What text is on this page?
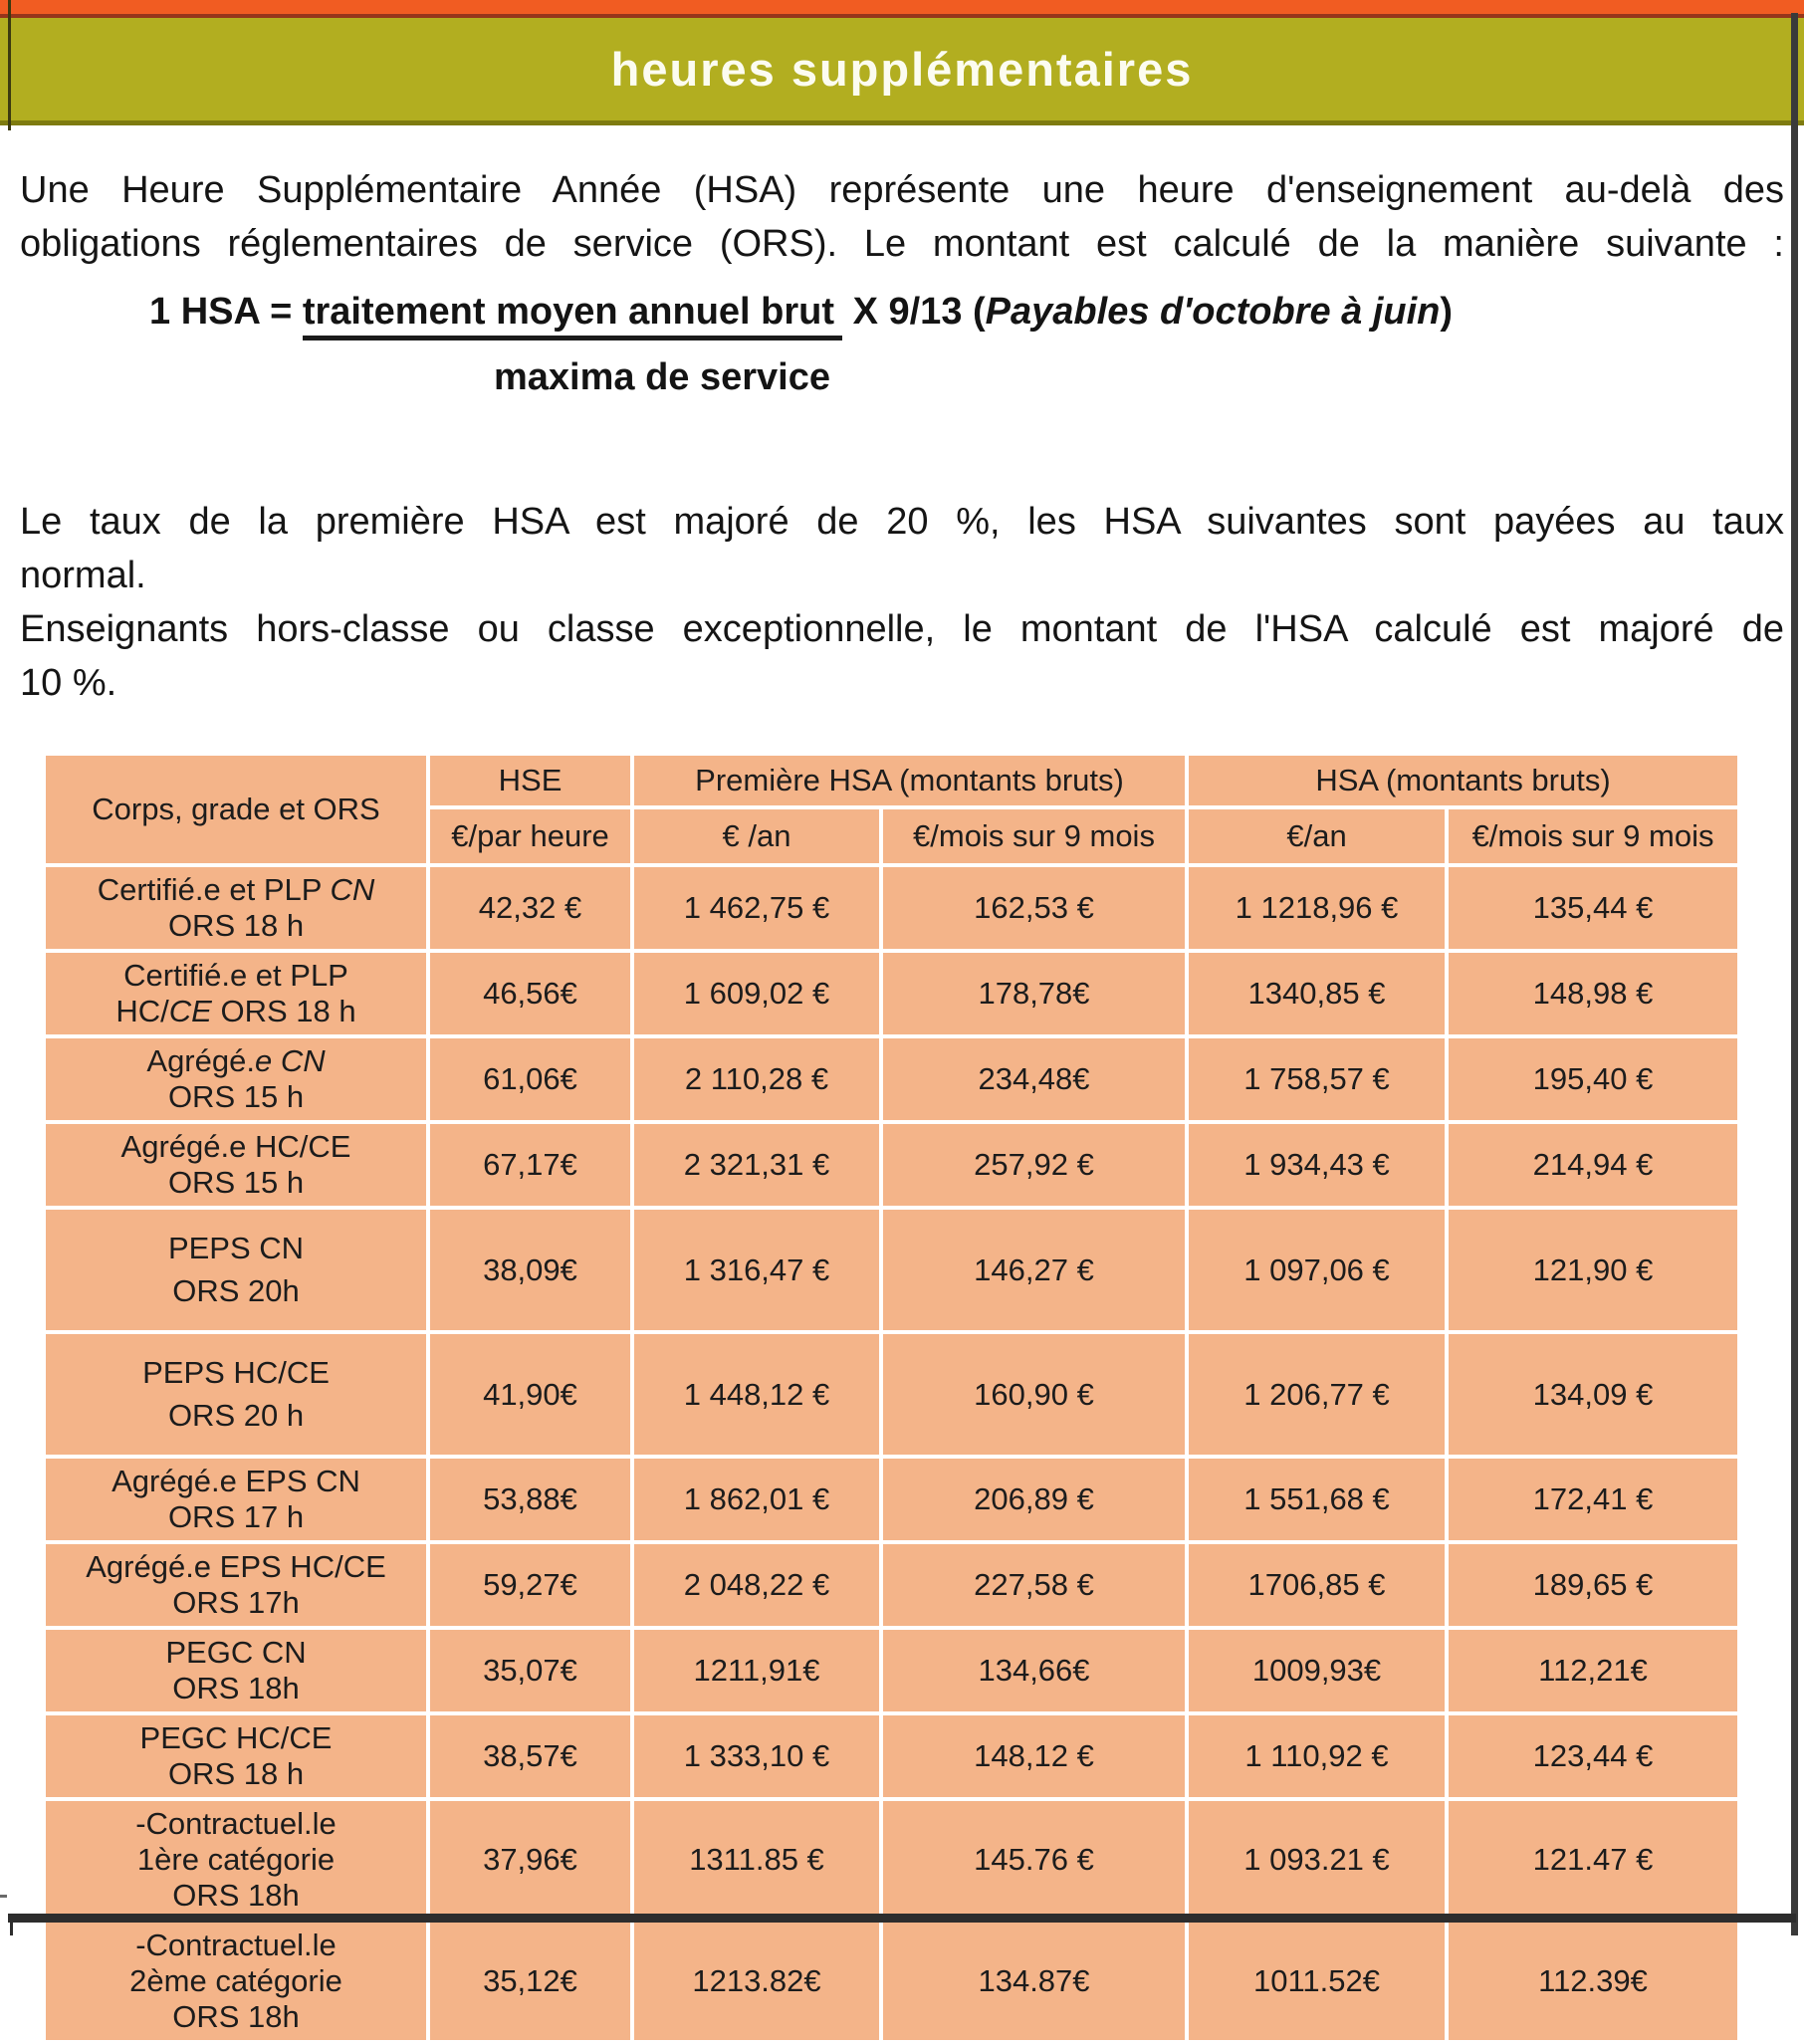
heures supplémentaires
Une Heure Supplémentaire Année (HSA) représente une heure d'enseignement au-delà des
obligations réglementaires de service (ORS). Le montant est calculé de la manière suivante :
1 HSA = traitement moyen annuel brut X 9/13 (Payables d'octobre à juin)
maxima de service
Le taux de la première HSA est majoré de 20 %, les HSA suivantes sont payées au taux
normal.
Enseignants hors-classe ou classe exceptionnelle, le montant de l'HSA calculé est majoré de
10 %.
Corps, grade et ORS	HSE	Première HSA (montants bruts)		HSA (montants bruts)	
	€/par heure	€ /an	€/mois sur 9 mois	€/an	€/mois sur 9 mois

Certifié.e et PLP CN
ORS 18 h	42,32 €	1 462,75 €	162,53 €	1 1218,96 €	135,44 €

Certifié.e et PLP
HC/CE ORS 18 h	46,56€	1 609,02 €	178,78€	1340,85 €	148,98 €

Agrégé.e CN
ORS 15 h	61,06€	2 110,28 €	234,48€	1 758,57 €	195,40 €

Agrégé.e HC/CE
ORS 15 h	67,17€	2 321,31 €	257,92 €	1 934,43 €	214,94 €

PEPS CN
ORS 20h	38,09€	1 316,47 €	146,27 €	1 097,06 €	121,90 €

PEPS HC/CE
ORS 20 h	41,90€	1 448,12 €	160,90 €	1 206,77 €	134,09 €

Agrégé.e EPS CN
ORS 17 h	53,88€	1 862,01 €	206,89 €	1 551,68 €	172,41 €

Agrégé.e EPS HC/CE
ORS 17h	59,27€	2 048,22 €	227,58 €	1706,85 €	189,65 €

PEGC CN
ORS 18h	35,07€	1211,91€	134,66€	1009,93€	112,21€

PEGC HC/CE
ORS 18 h	38,57€	1 333,10 €	148,12 €	1 110,92 €	123,44 €

-Contractuel.le
1ère catégorie
ORS 18h	37,96€	1311.85 €	145.76 €	1 093.21 €	121.47 €

-Contractuel.le
2ème catégorie
ORS 18h	35,12€	1213.82€	134.87€	1011.52€	112.39€
